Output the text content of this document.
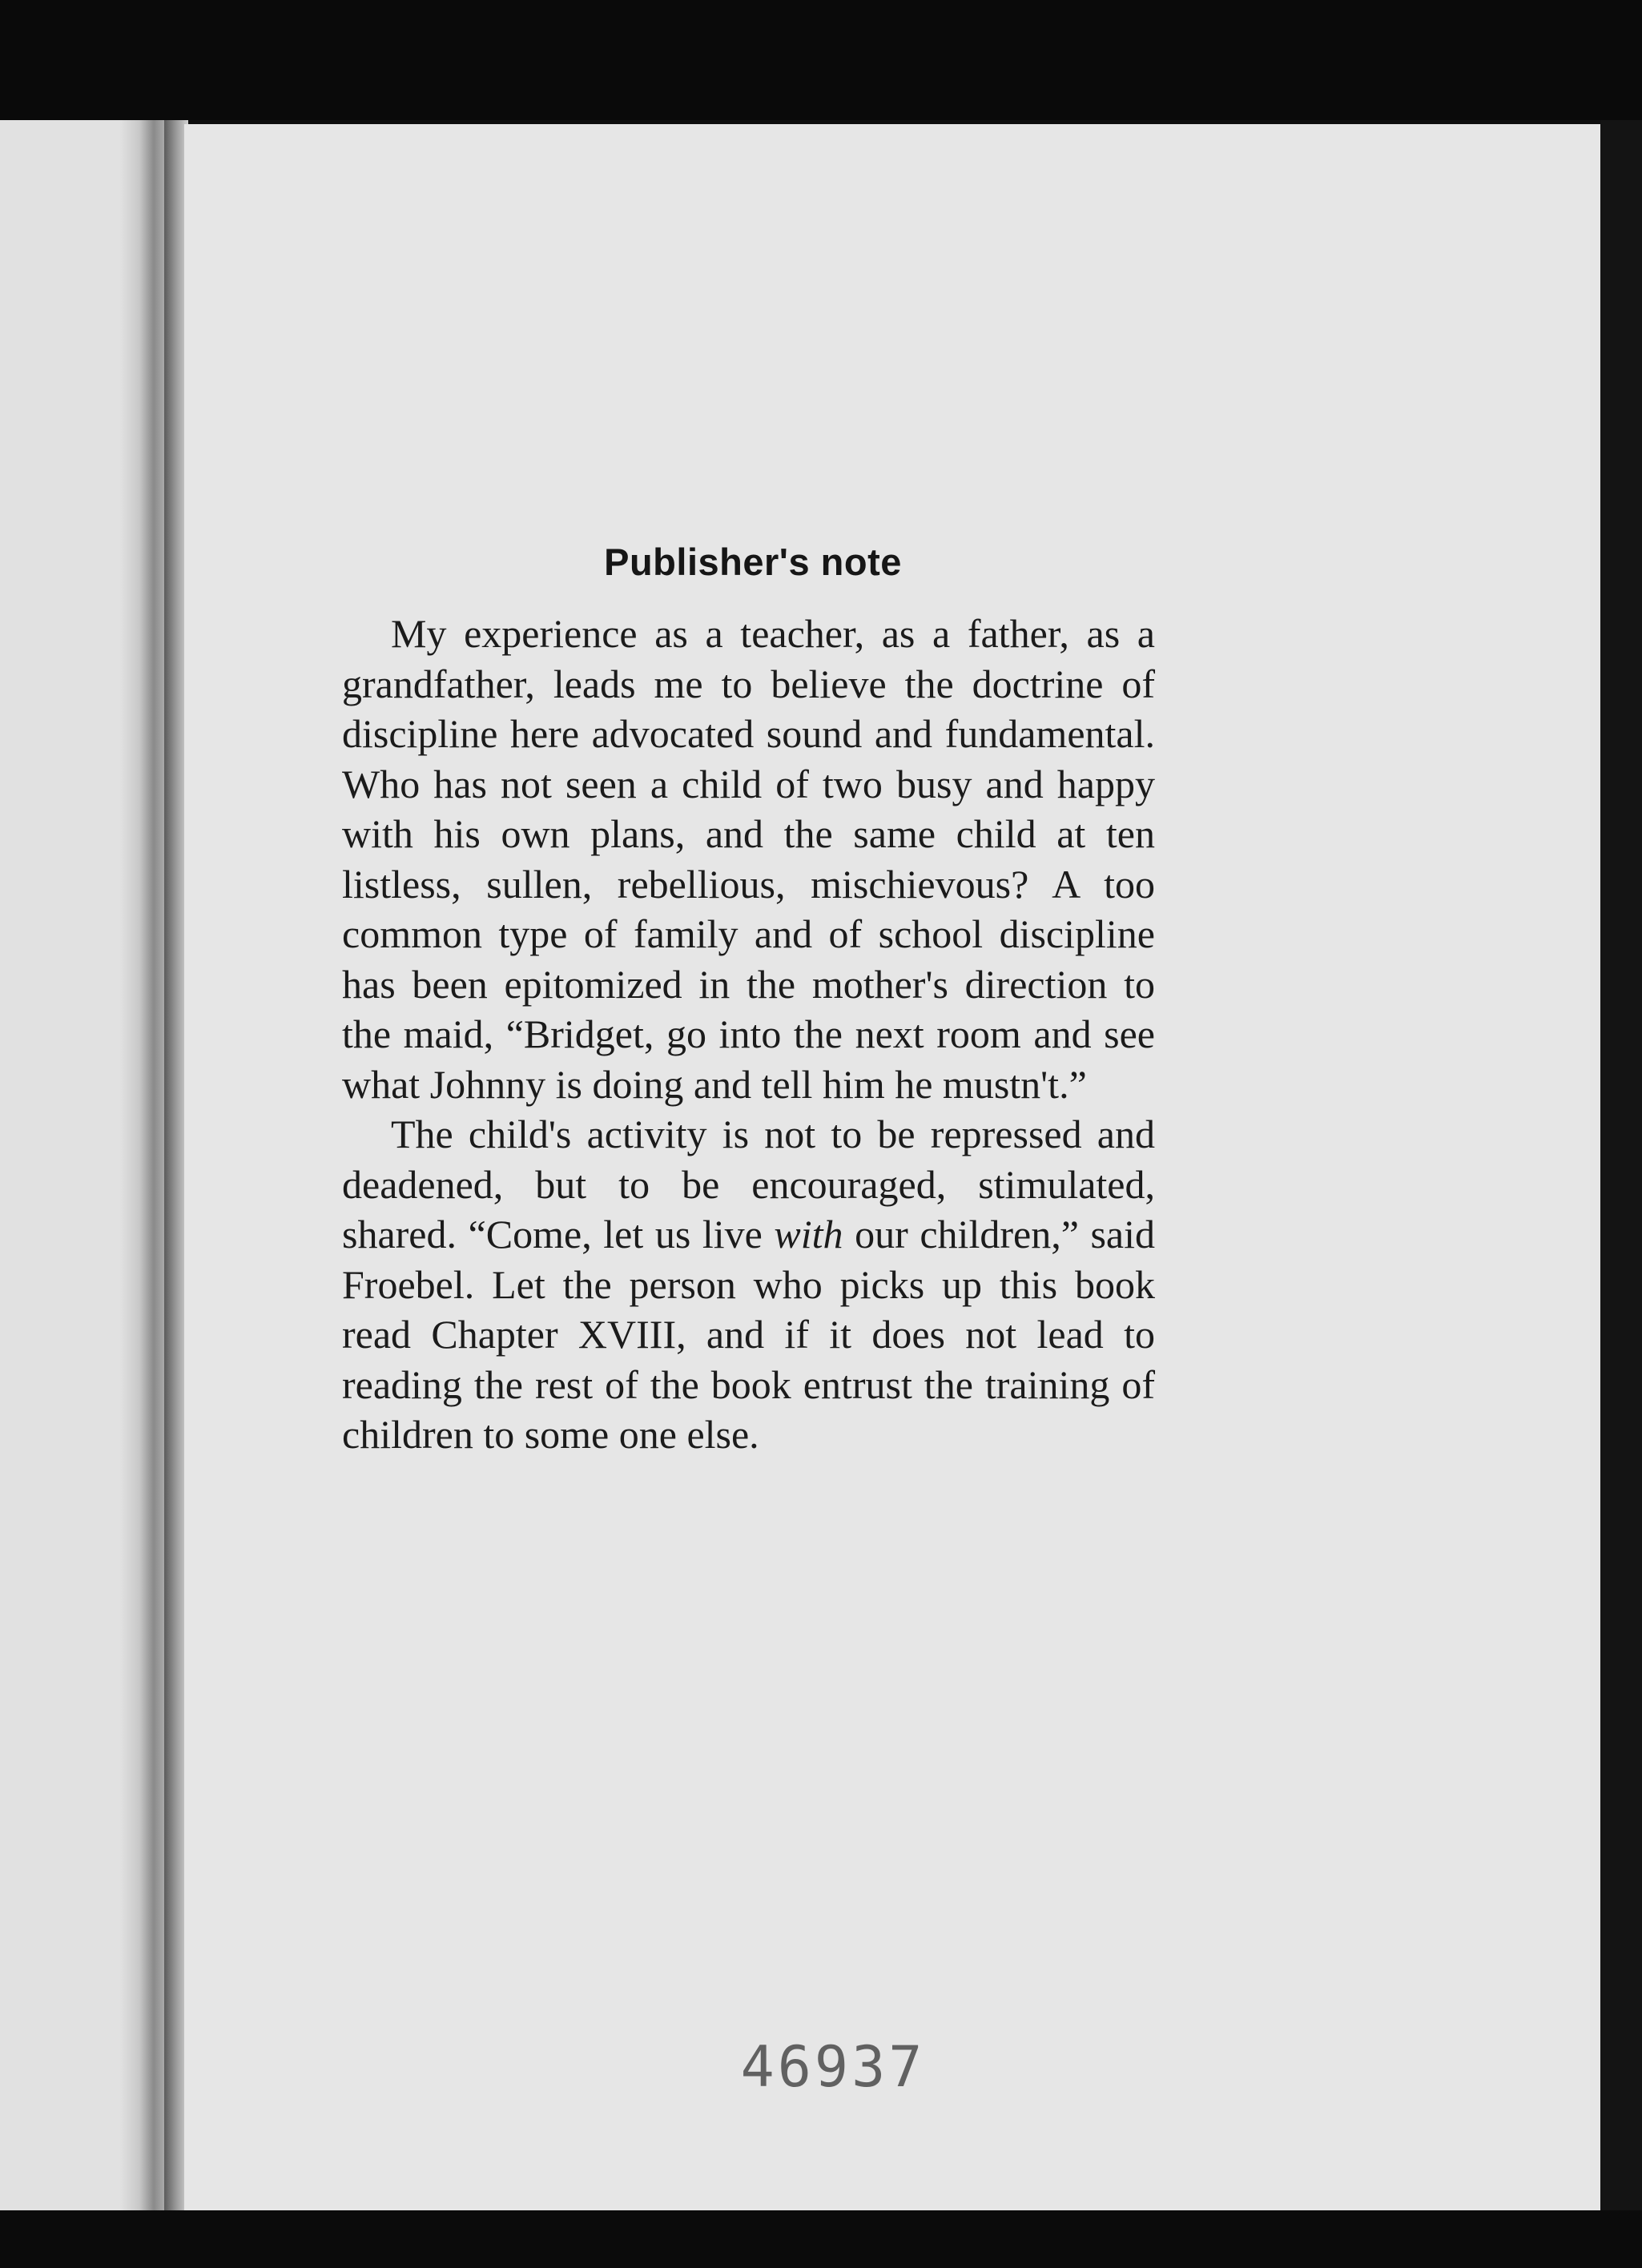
Publisher's note

My experience as a teacher, as a father, as a grandfather, leads me to believe the doctrine of discipline here advocated sound and fundamental. Who has not seen a child of two busy and happy with his own plans, and the same child at ten listless, sullen, rebellious, mischievous? A too common type of family and of school discipline has been epitomized in the mother's direction to the maid, “Bridget, go into the next room and see what Johnny is doing and tell him he mustn't.”

The child's activity is not to be repressed and deadened, but to be encouraged, stimulated, shared. “Come, let us live with our children,” said Froebel. Let the person who picks up this book read Chapter XVIII, and if it does not lead to reading the rest of the book entrust the training of children to some one else.

46937
